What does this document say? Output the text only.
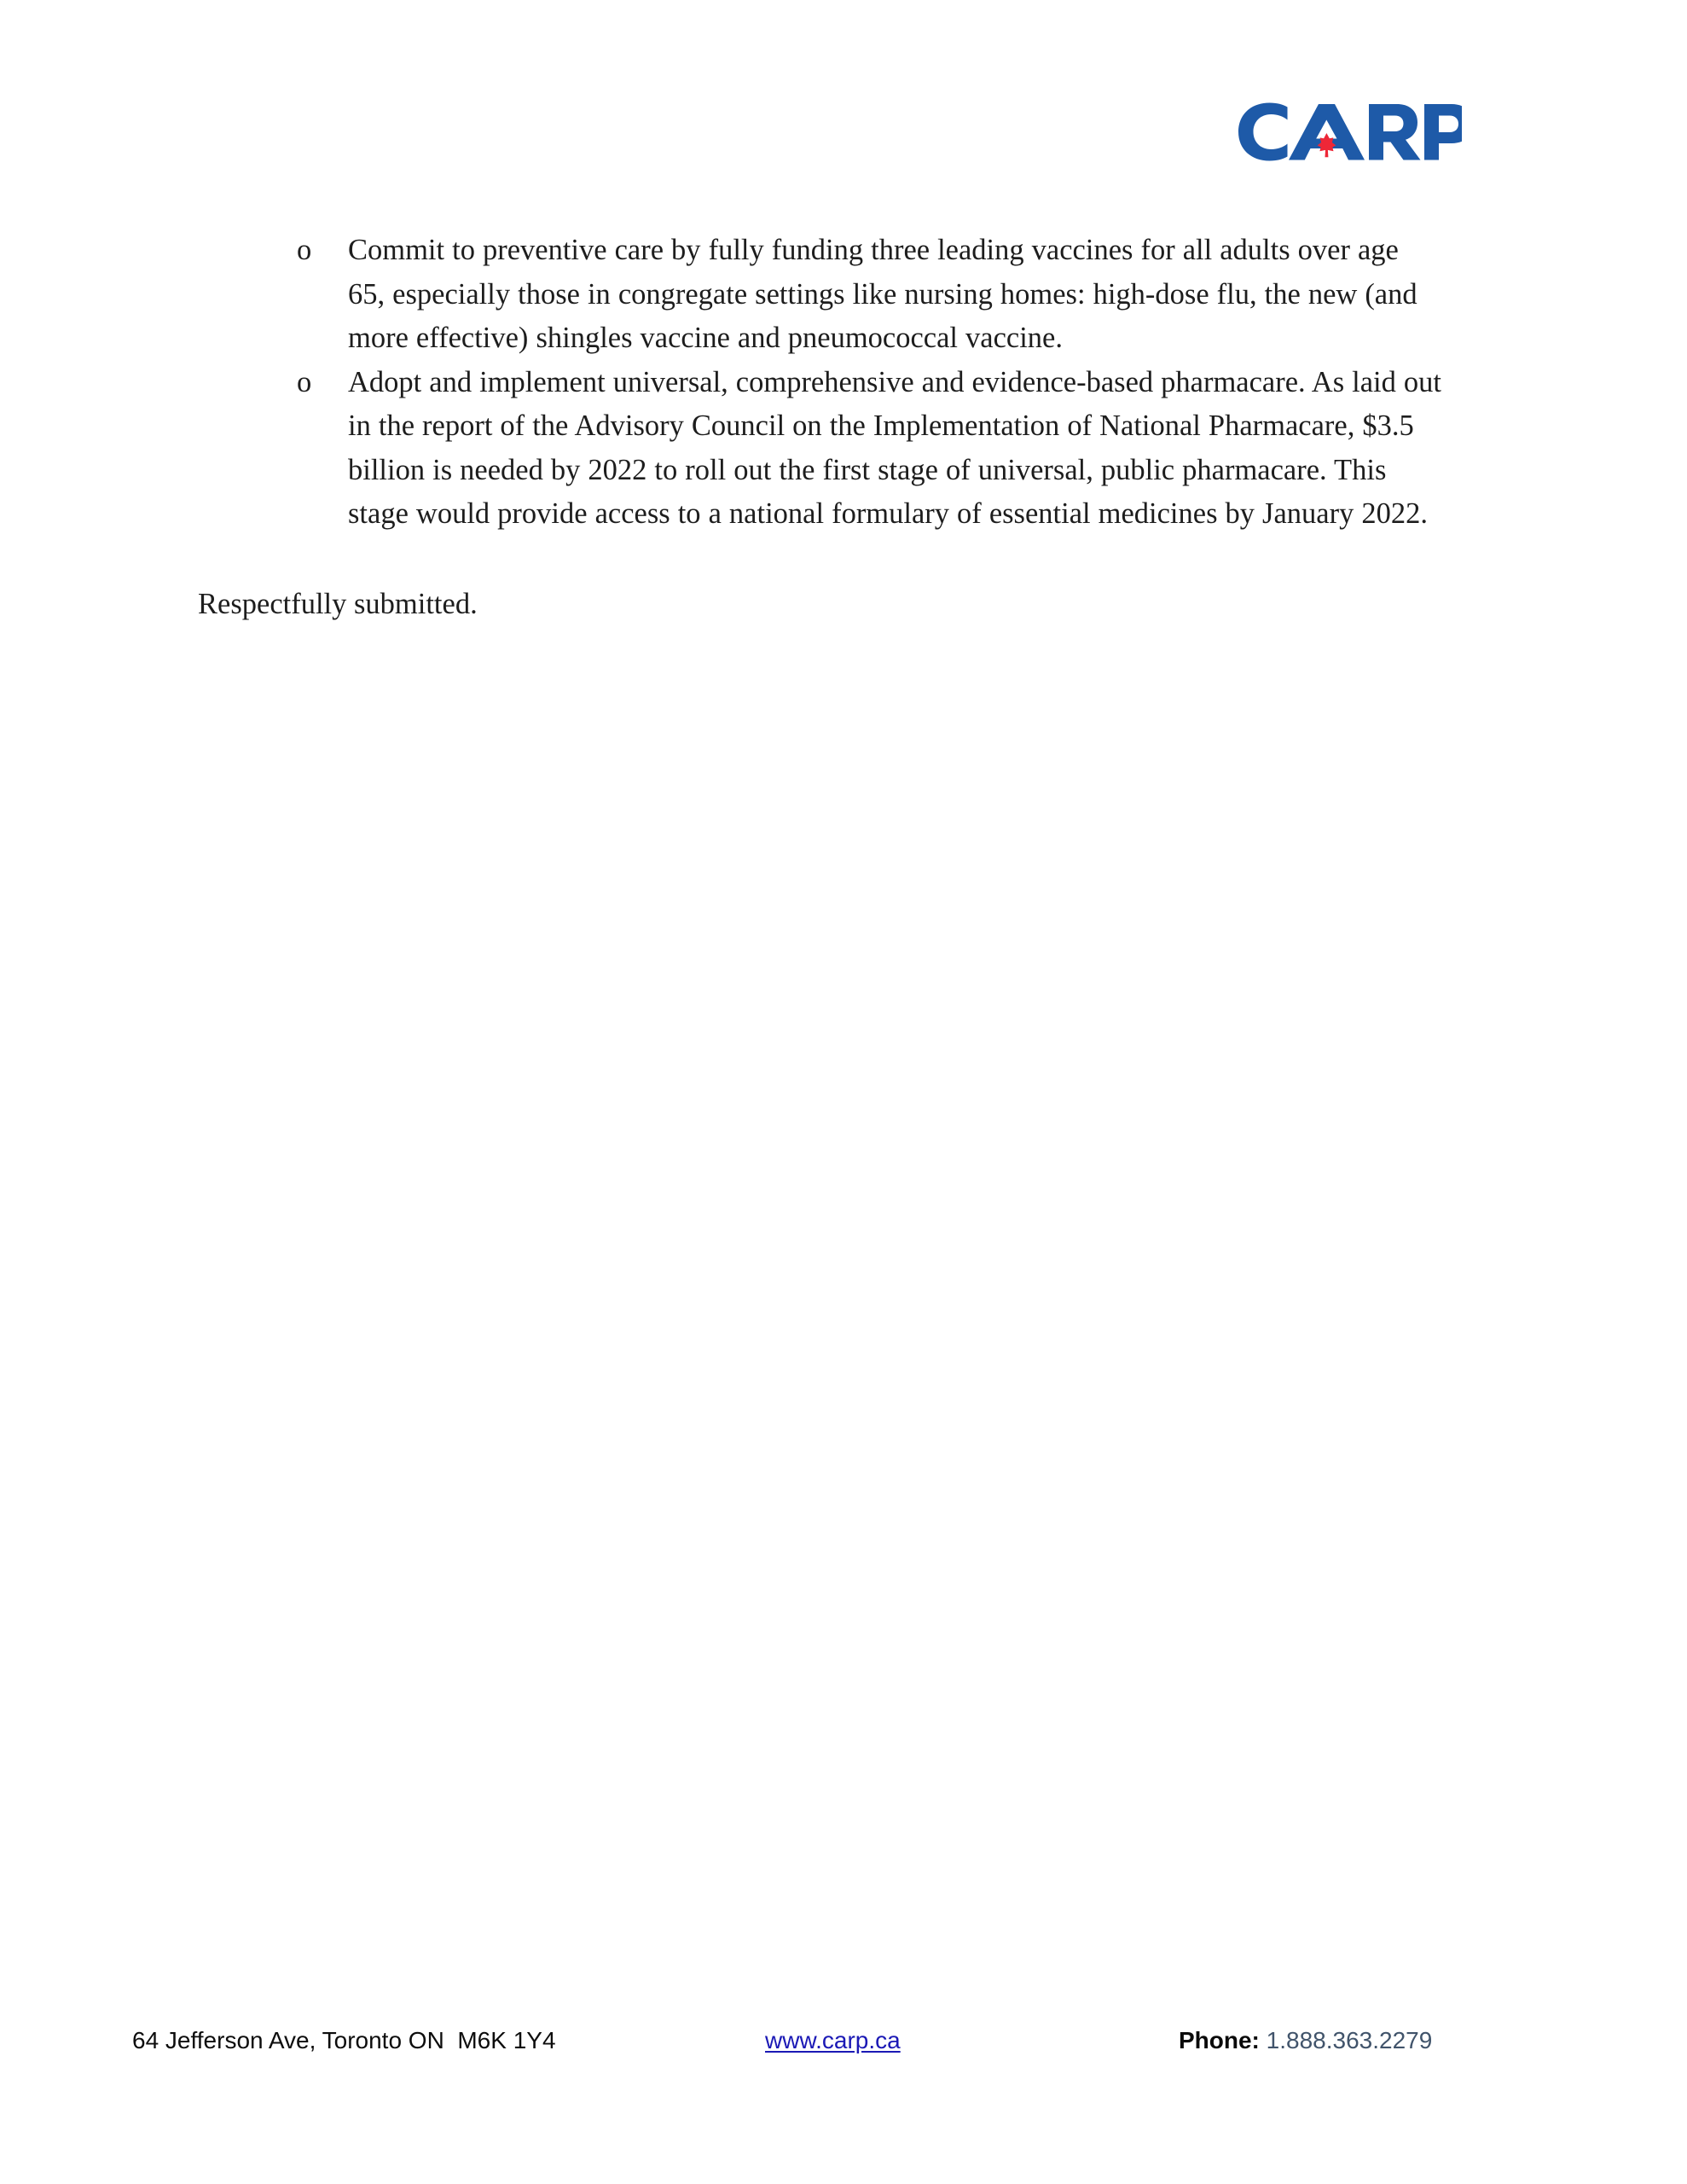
o Commit to preventive care by fully funding three leading vaccines for all adults over age 65, especially those in congregate settings like nursing homes: high-dose flu, the new (and more effective) shingles vaccine and pneumococcal vaccine.
o Adopt and implement universal, comprehensive and evidence-based pharmacare. As laid out in the report of the Advisory Council on the Implementation of National Pharmacare, $3.5 billion is needed by 2022 to roll out the first stage of universal, public pharmacare. This stage would provide access to a national formulary of essential medicines by January 2022.

Respectfully submitted.

64 Jefferson Ave, Toronto ON  M6K 1Y4	www.carp.ca	Phone: 1.888.363.2279
